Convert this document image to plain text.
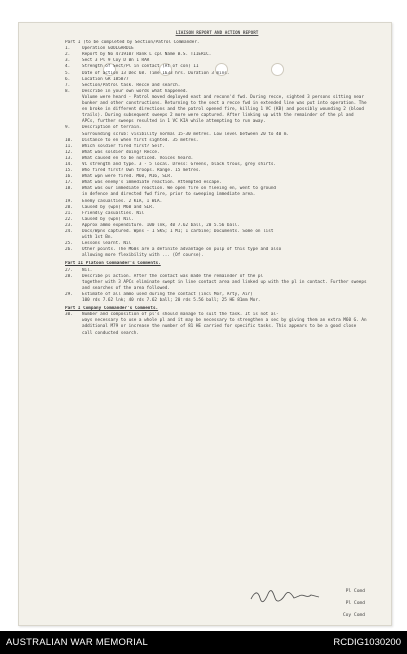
LIAISON REPORT AND ACTION REPORT
Part I (to be completed by Section/Patrol Commander.
1.	Operation GOOLGARDIE
2.	Report by No 4719107 Rank L cpl Name B.S. TIIERIC.
3.	Sect 3 Pl 9 Coy D Bn 1 RAR
4.	Strength of Sect/Pl in contact (At of con) 11
5.	Date of action 13 Dec 68. Time 1633 hrs. Duration 3 mins.
6.	Location GR 185877
7.	Section/Patrol task. Recce and search.
8.	Describe in your own words what happened.
Volume were heard - Patrol moved deployed east and reconn'd fwd. During recce, sighted 3 persons sitting near bunker and other constructions. Returning to the sect a recce fwd in extended line was put into operation. The en broke in different directions and the patrol opened fire, killing 1 VC (KB) and possibly wounding 2 (blood trails). During subsequent sweeps 2 more were captured. After linking up with the remainder of the pl and APCs, further sweeps resulted in 1 VC KIA while attempting to run away.
9.	Description of terrain.
Surrounding scrub: visibility normal 15-30 metres. Low level between 20 to 40 m.
10.	Distance to en when first sighted. 35 metres.
11.	Which soldier fired first? Self.
12.	What was soldier doing? Recce.
13.	What caused en to be noticed. Voices heard.
14.	VC strength and type. 3 - 5 local. Dress: Greens, black trous, grey shirts.
15.	Who fired first? Own troops. Range. 15 metres.
16.	What wpn were fired. M60, M16, SLR.
17.	What was enemy's immediate reaction. Attempted escape.
18.	What was our immediate reaction. We open fire on fleeing en, went to ground
in defence and directed fwd fire, prior to sweeping immediate area.
19.	Enemy casualties. 2 KIA, 1 WIA.
20.	Caused by (wpn) M60 and SLR.
21.	Friendly casualties. Nil
22.	Caused by (wpn) Nil.
23.	Approx ammo expenditure. 100 lnk, 40 7.62 ball, 20 5.56 ball.
24.	Docs/Wpns captured. Wpns - 1 SKS; 1 M1; 1 carbine; Documents. Some on list
with 1st Bn.
25.	Lessons learnt. Nil
26.	Other points. The M60s are a definite advantage on pulp of this type and also
allowing more flexibility with ... (Of course).
Part II Platoon Commander's Comments.
27.	Nil.
28.	Describe pl action. After the contact was made the remainder of the pl
together with 3 APCs eliminate swept in line contact area and linked up with the pl in contact. Further sweeps and searches of the area followed.
29.	Estimate of all ammo used during the contact (incl Mor, Arty, Air)
100 rds 7.62 lnk; 40 rds 7.62 ball; 20 rds 5.56 ball; 25 HE 81mm Mor.
Part I Company Commander's Comments.
30.	Number and composition of pl's should manage to suit the task. It is not al-
ways necessary to use a whole pl and it may be necessary to strengthen a sec by giving them an extra M60 G. An additional M79 or increase the number of 81 HE carried for specific tasks. This appears to be a good close call conducted search.
Pl Comd
Pl Comd
Coy Comd
AUSTRALIAN WAR MEMORIAL	RCDIG1030200
